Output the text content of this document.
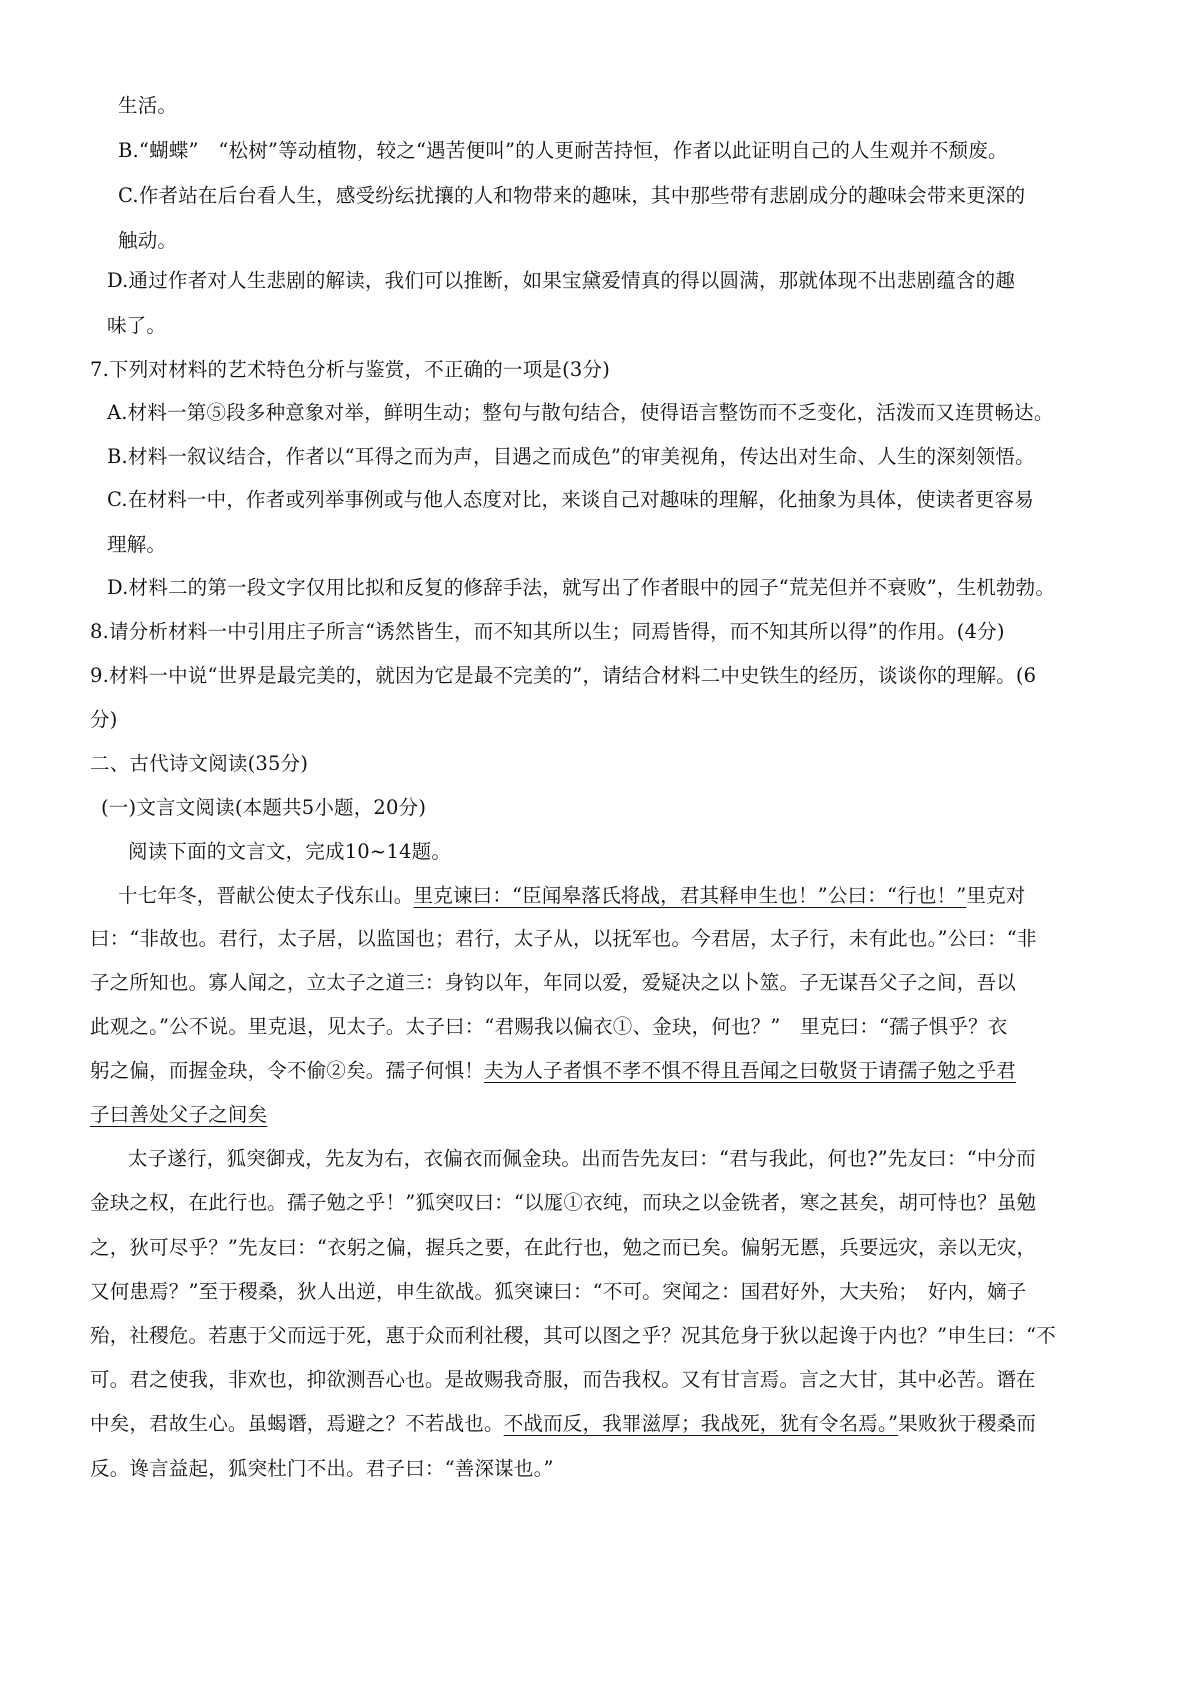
生活。
B.“蝴蝶”　“松树”等动植物，较之“遇苦便叫”的人更耐苦持恒，作者以此证明自己的人生观并不颓废。
C.作者站在后台看人生，感受纷纭扰攘的人和物带来的趣味，其中那些带有悲剧成分的趣味会带来更深的
触动。
D.通过作者对人生悲剧的解读，我们可以推断，如果宝黛爱情真的得以圆满，那就体现不出悲剧蕴含的趣
味了。
7.下列对材料的艺术特色分析与鉴赏，不正确的一项是(3分)
A.材料一第⑤段多种意象对举，鲜明生动；整句与散句结合，使得语言整饬而不乏变化，活泼而又连贯畅达。
B.材料一叙议结合，作者以“耳得之而为声，目遇之而成色”的审美视角，传达出对生命、人生的深刻领悟。
C.在材料一中，作者或列举事例或与他人态度对比，来谈自己对趣味的理解，化抽象为具体，使读者更容易
理解。
D.材料二的第一段文字仅用比拟和反复的修辞手法，就写出了作者眼中的园子“荒芜但并不衰败”，生机勃勃。
8.请分析材料一中引用庄子所言“诱然皆生，而不知其所以生；同焉皆得，而不知其所以得”的作用。(4分)
9.材料一中说“世界是最完美的，就因为它是最不完美的”，请结合材料二中史铁生的经历，谈谈你的理解。(6
分)
二、古代诗文阅读(35分)
(一)文言文阅读(本题共5小题，20分)
阅读下面的文言文，完成10~14题。
十七年冬，晋献公使太子伐东山。里克谏曰：“臣闻皋落氏将战，君其释申生也！”公曰：“行也！”里克对
曰：“非故也。君行，太子居，以监国也；君行，太子从，以抚军也。今君居，太子行，未有此也。”公曰：“非
子之所知也。寡人闻之，立太子之道三：身钧以年，年同以爱，爱疑决之以卜筮。子无谋吾父子之间，吾以
此观之。”公不说。里克退，见太子。太子曰：“君赐我以偏衣①、金玦，何也？”　里克曰：“孺子惧乎？衣
躬之偏，而握金玦，令不偷②矣。孺子何惧！夫为人子者惧不孝不惧不得且吾闻之曰敬贤于请孺子勉之乎君
子曰善处父子之间矣
太子遂行，狐突御戎，先友为右，衣偏衣而佩金玦。出而告先友曰：“君与我此，何也?”先友曰：“中分而
金玦之权，在此行也。孺子勉之乎！”狐突叹曰：“以厖①衣纯，而玦之以金铣者，寒之甚矣，胡可恃也？虽勉
之，狄可尽乎？”先友曰：“衣躬之偏，握兵之要，在此行也，勉之而已矣。偏躬无慝，兵要远灾，亲以无灾，
又何患焉？”至于稷桑，狄人出逆，申生欲战。狐突谏曰：“不可。突闻之：国君好外，大夫殆；　好内，嫡子
殆，社稷危。若惠于父而远于死，惠于众而利社稷，其可以图之乎？况其危身于狄以起谗于内也？”申生曰：“不
可。君之使我，非欢也，抑欲测吾心也。是故赐我奇服，而告我权。又有甘言焉。言之大甘，其中必苦。谮在
中矣，君故生心。虽蝎谮，焉避之？不若战也。不战而反，我罪滋厚；我战死，犹有令名焉。”果败狄于稷桑而
反。谗言益起，狐突杜门不出。君子曰：“善深谋也。”
